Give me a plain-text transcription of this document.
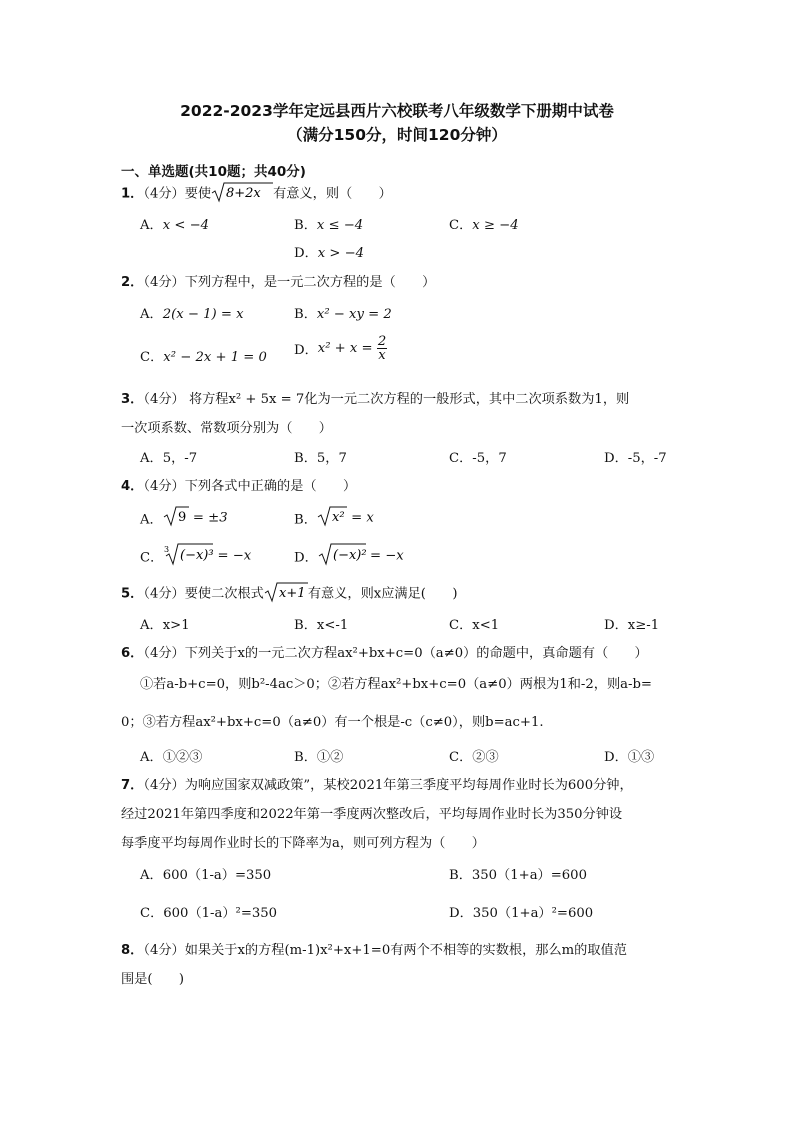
2022-2023学年定远县西片六校联考八年级数学下册期中试卷
（满分150分，时间120分钟）
一、单选题(共10题；共40分)
1．（4分）要使 8+2x 有意义，则（　　）
A．x < −4	B．x ≤ −4	C．x ≥ −4
D．x > −4
2．（4分）下列方程中，是一元二次方程的是（　　）
A．2(x − 1) = x	B．x² − xy = 2
C．x² − 2x + 1 = 0 D．$x^2 + x = \frac{2}{x}$
3．（4分） 将方程x² + 5x = 7化为一元二次方程的一般形式，其中二次项系数为1，则
一次项系数、常数项分别为（　　）
A．5，-7	B．5，7	C．-5，7	D．-5，-7
4．（4分）下列各式中正确的是（　　）
A． 9 = ±3	B． x² = x
C．
3 (−x)³ = −x	D． (−x)² = −x
5．（4分）要使二次根式 x+1 有意义，则x应满足(　　)
A．x>1	B．x<-1	C．x<1	D．x≥-1
6．（4分）下列关于x的一元二次方程ax²+bx+c=0（a≠0）的命题中，真命题有（　　）
①若a-b+c=0，则b²-4ac＞0；②若方程ax²+bx+c=0（a≠0）两根为1和-2，则a-b=
0；③若方程ax²+bx+c=0（a≠0）有一个根是-c（c≠0），则b=ac+1.
A．①②③	B．①②	C．②③	D．①③
7．（4分）为响应国家双减政策”，某校2021年第三季度平均每周作业时长为600分钟，
经过2021年第四季度和2022年第一季度两次整改后，平均每周作业时长为350分钟设
每季度平均每周作业时长的下降率为a，则可列方程为（　　）
A．600（1-a）=350	B．350（1+a）=600
C．600（1-a）²=350	D．350（1+a）²=600
8．（4分）如果关于x的方程(m-1)x²+x+1=0有两个不相等的实数根，那么m的取值范
围是(　　)
